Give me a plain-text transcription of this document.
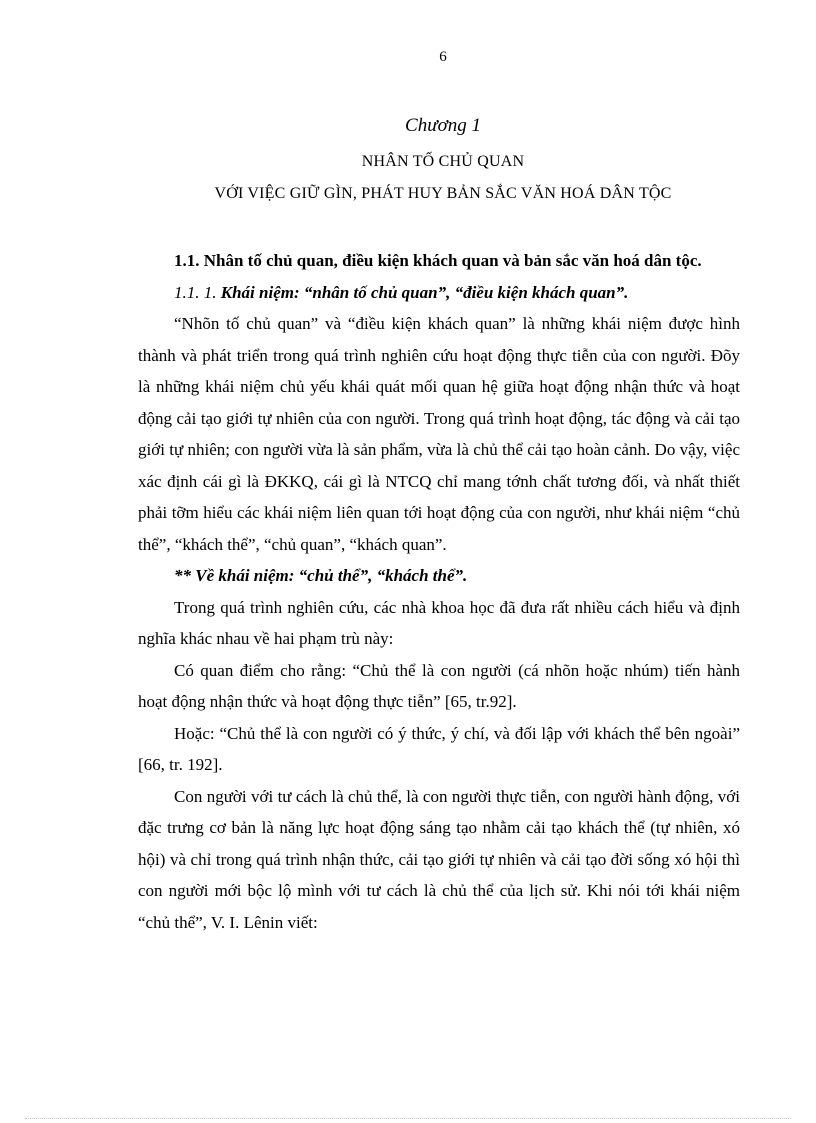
6
Chương 1
NHÂN TỐ CHỦ QUAN
VỚI VIỆC GIỮ GÌN, PHÁT HUY BẢN SẮC VĂN HOÁ DÂN TỘC

1.1. Nhân tố chủ quan, điều kiện khách quan và bản sắc văn hoá dân tộc.

1.1. 1. Khái niệm: “nhân tố chủ quan”, “điều kiện khách quan”.

“Nhõn tố chủ quan” và “điều kiện khách quan” là những khái niệm được hình thành và phát triển trong quá trình nghiên cứu hoạt động thực tiễn của con người. Đõy là những khái niệm chủ yếu khái quát mối quan hệ giữa hoạt động nhận thức và hoạt động cải tạo giới tự nhiên của con người. Trong quá trình hoạt động, tác động và cải tạo giới tự nhiên; con người vừa là sản phẩm, vừa là chủ thể cải tạo hoàn cảnh. Do vậy, việc xác định cái gì là ĐKKQ, cái gì là NTCQ chỉ mang tớnh chất tương đối, và nhất thiết phải tỡm hiểu các khái niệm liên quan tới hoạt động của con người, như khái niệm “chủ thể”, “khách thể”, “chủ quan”, “khách quan”.

** Về khái niệm: “chủ thể”, “khách thể”.

Trong quá trình nghiên cứu, các nhà khoa học đã đưa rất nhiều cách hiểu và định nghĩa khác nhau về hai phạm trù này:

Có quan điểm cho rằng: “Chủ thể là con người (cá nhõn hoặc nhúm) tiến hành hoạt động nhận thức và hoạt động thực tiễn” [65, tr.92].

Hoặc: “Chủ thể là con người có ý thức, ý chí, và đối lập với khách thể bên ngoài” [66, tr. 192].

Con người với tư cách là chủ thể, là con người thực tiễn, con người hành động, với đặc trưng cơ bản là năng lực hoạt động sáng tạo nhằm cải tạo khách thể (tự nhiên, xó hội) và chỉ trong quá trình nhận thức, cải tạo giới tự nhiên và cải tạo đời sống xó hội thì con người mới bộc lộ mình với tư cách là chủ thể của lịch sử. Khi nói tới khái niệm “chủ thể”, V. I. Lênin viết:
